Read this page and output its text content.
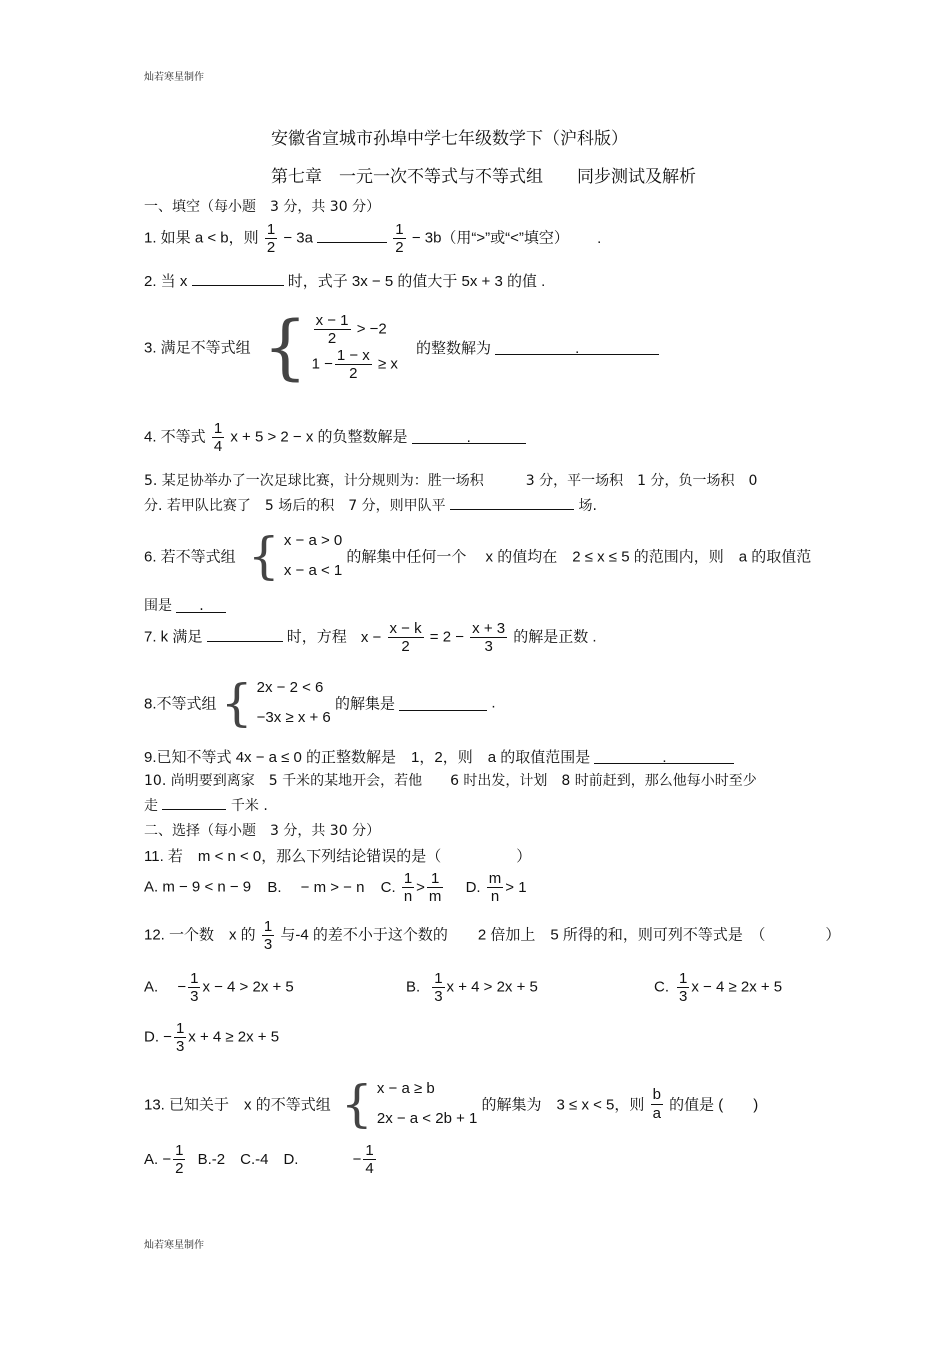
灿若寒星制作
安徽省宣城市孙埠中学七年级数学下（沪科版）
第七章　一元一次不等式与不等式组　　同步测试及解析
一、填空（每小题　3 分，共 30 分）
1. 如果 a < b，则 $\frac{1}{2} - 3a$	$\frac{1}{2} - 3b$（用“>”或“<”填空） .
2. 当 x	时，式子 3x − 5 的值大于 5x + 3 的值 .
3. 满足不等式组 { $\frac{x - 1}{2} > -2$
$1 - \frac{1 - x}{2} \ge x$
的整数解为	.
4. 不等式 $\frac{1}{4}$ x + 5 > 2 − x 的负整数解是	.
5. 某足协举办了一次足球比赛，计分规则为：胜一场积　　　3 分，平一场积　1 分，负一场积　0
分. 若甲队比赛了　5 场后的积　7 分，则甲队平	场.
6. 若不等式组 { x − a > 0
x − a < 1
的解集中任何一个　 x 的值均在　2 ≤ x ≤ 5 的范围内，则　a 的取值范
围是 .
7. k 满足	时，方程 $x - \frac{x - k}{2} = 2 - \frac{x + 3}{3}$ 的解是正数 .
8.不等式组 { 2x − 2 < 6
−3x ≥ x + 6
的解集是	.
9.已知不等式 4x − a ≤ 0 的正整数解是　1，2，则　a 的取值范围是	.
10. 尚明要到离家　5 千米的某地开会，若他　　6 时出发，计划　8 时前赶到，那么他每小时至少
走	千米 .
二、选择（每小题　3 分，共 30 分）
11. 若　m < n < 0，那么下列结论错误的是（　　　　　）
A. m − 9 < n − 9 B.　 − m > − n C. $\frac{1}{n} > \frac{1}{m} D$. $\frac{m}{n} > 1$
12. 一个数　x 的 $\frac{1}{3}$ 与-4 的差不小于这个数的　　2 倍加上　5 所得的和，则可列不等式是　（　　　　）
A.　 − $\frac{1}{3}$ x − 4 > 2x + 5	B. $\frac{1}{3}$ x + 4 > 2x + 5	C. $\frac{1}{3}$ x − 4 ≥ 2x + 5
D. − $\frac{1}{3}$ x + 4 ≥ 2x + 5
13. 已知关于　x 的不等式组 { x − a ≥ b
2x − a < 2b + 1
的解集为　3 ≤ x < 5，则 $\frac{b}{a}$ 的值是 (　　)
A. − $\frac{1}{2} B.-2$　C.-4　D.	− $\frac{1}{4}$
灿若寒星制作
